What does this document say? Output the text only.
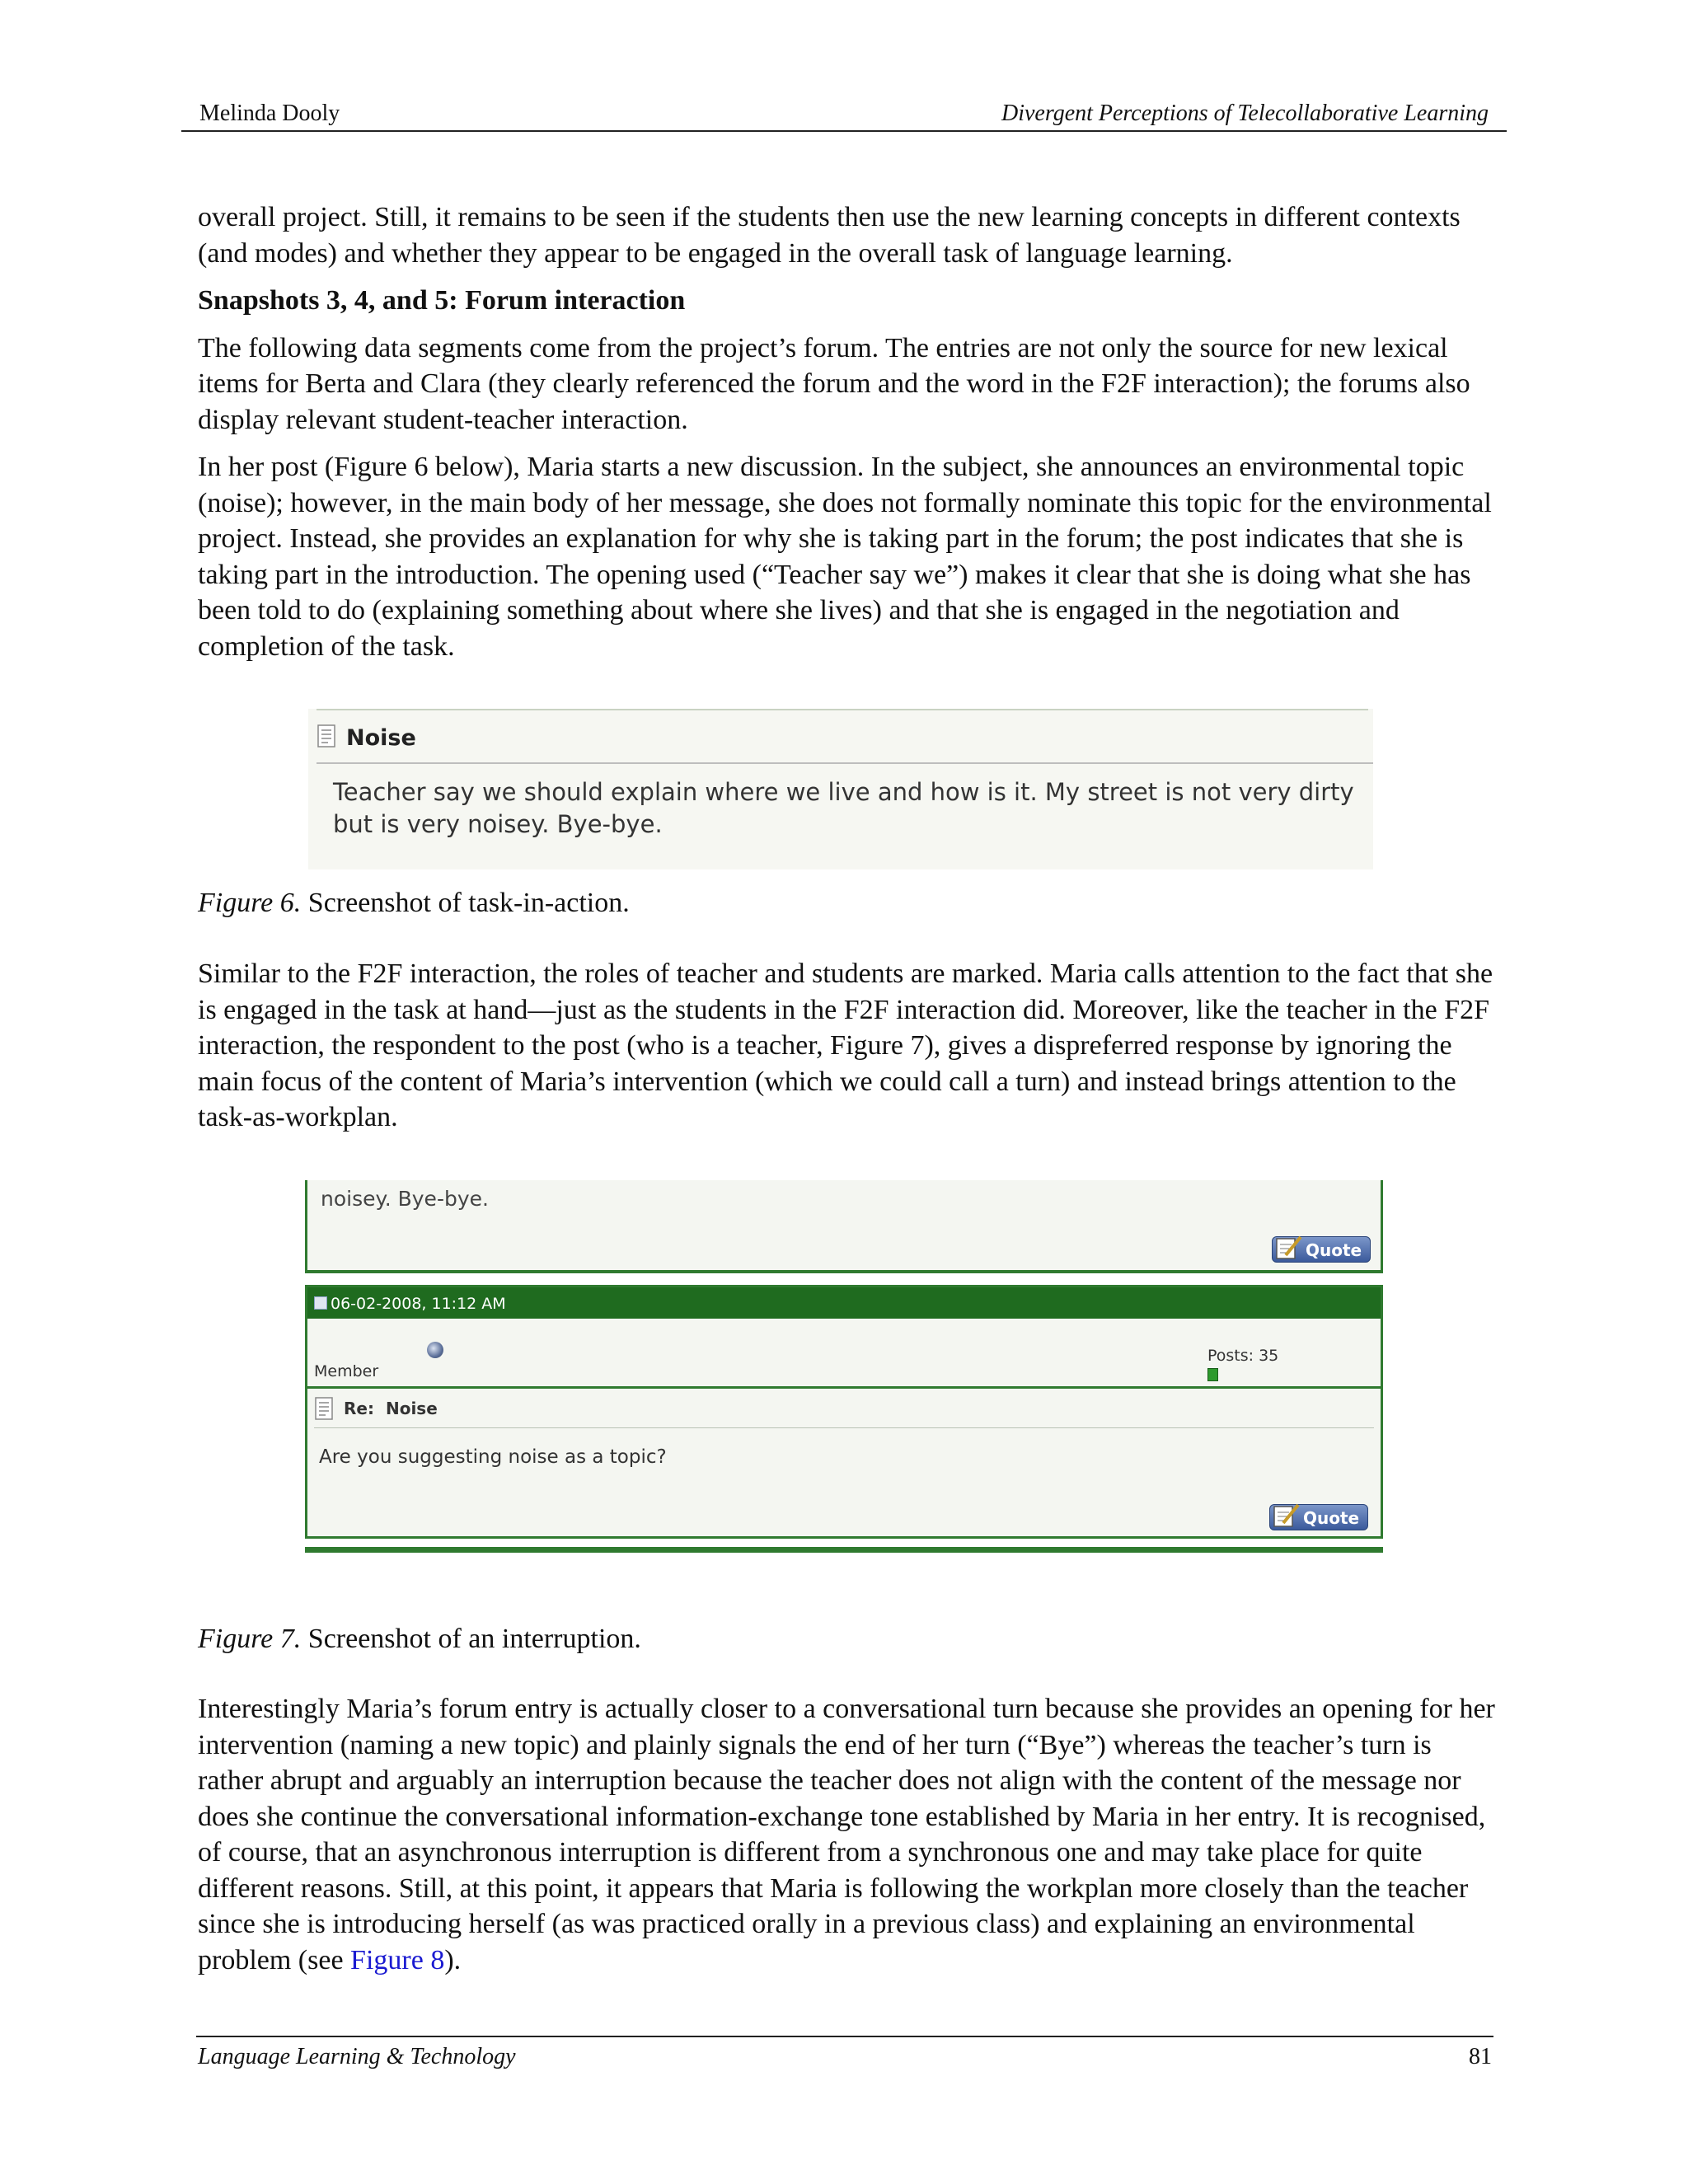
Melinda Dooly	Divergent Perceptions of Telecollaborative Learning

overall project. Still, it remains to be seen if the students then use the new learning concepts in different contexts (and modes) and whether they appear to be engaged in the overall task of language learning.

Snapshots 3, 4, and 5: Forum interaction

The following data segments come from the project’s forum. The entries are not only the source for new lexical items for Berta and Clara (they clearly referenced the forum and the word in the F2F interaction); the forums also display relevant student-teacher interaction.

In her post (Figure 6 below), Maria starts a new discussion. In the subject, she announces an environmental topic (noise); however, in the main body of her message, she does not formally nominate this topic for the environmental project. Instead, she provides an explanation for why she is taking part in the forum; the post indicates that she is taking part in the introduction. The opening used (“Teacher say we”) makes it clear that she is doing what she has been told to do (explaining something about where she lives) and that she is engaged in the negotiation and completion of the task.

Noise
Teacher say we should explain where we live and how is it. My street is not very dirty but is very noisey. Bye-bye.
Figure 6. Screenshot of task-in-action.

Similar to the F2F interaction, the roles of teacher and students are marked. Maria calls attention to the fact that she is engaged in the task at hand—just as the students in the F2F interaction did. Moreover, like the teacher in the F2F interaction, the respondent to the post (who is a teacher, Figure 7), gives a dispreferred response by ignoring the main focus of the content of Maria’s intervention (which we could call a turn) and instead brings attention to the task-as-workplan.

noisey. Bye-bye.
Quote
06-02-2008, 11:12 AM
Member
Posts: 35
Re: Noise
Are you suggesting noise as a topic?
Quote
Figure 7. Screenshot of an interruption.

Interestingly Maria’s forum entry is actually closer to a conversational turn because she provides an opening for her intervention (naming a new topic) and plainly signals the end of her turn (“Bye”) whereas the teacher’s turn is rather abrupt and arguably an interruption because the teacher does not align with the content of the message nor does she continue the conversational information-exchange tone established by Maria in her entry. It is recognised, of course, that an asynchronous interruption is different from a synchronous one and may take place for quite different reasons. Still, at this point, it appears that Maria is following the workplan more closely than the teacher since she is introducing herself (as was practiced orally in a previous class) and explaining an environmental problem (see Figure 8).

Language Learning & Technology	81
